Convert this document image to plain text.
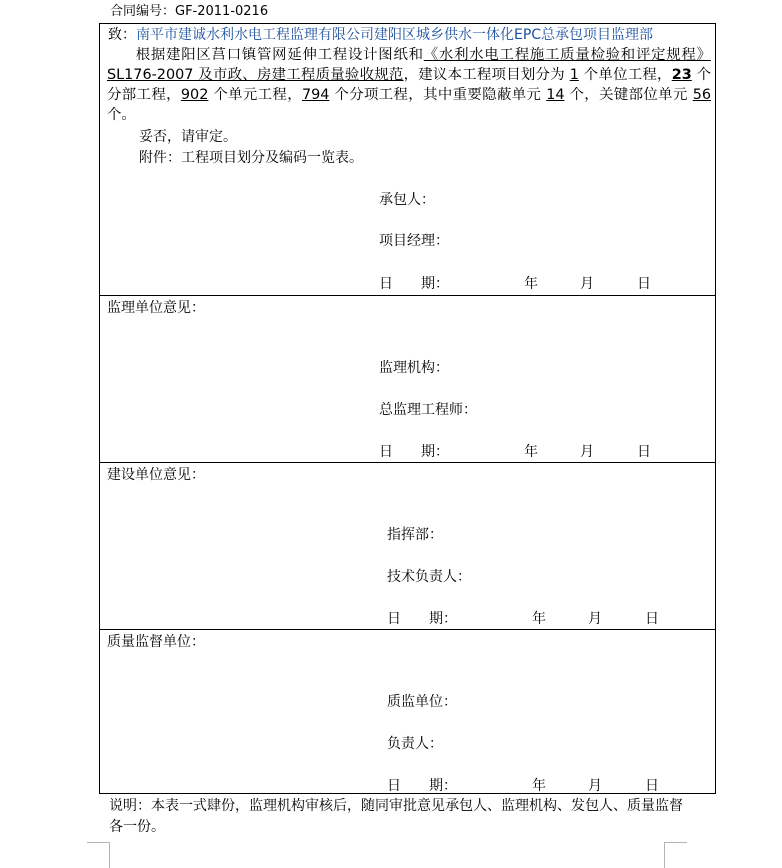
合同编号：GF-2011-0216
致：南平市建诚水利水电工程监理有限公司建阳区城乡供水一体化EPC总承包项目监理部
根据建阳区莒口镇管网延伸工程设计图纸和《水利水电工程施工质量检验和评定规程》SL176-2007 及市政、房建工程质量验收规范，建议本工程项目划分为 1 个单位工程，23 个分部工程，902 个单元工程，794 个分项工程，其中重要隐蔽单元 14 个，关键部位单元 56 个。
妥否，请审定。
附件：工程项目划分及编码一览表。
承包人：
项目经理：
日　　期：	年	月	日
监理单位意见：
监理机构：
总监理工程师：
日　　期：	年	月	日
建设单位意见：
指挥部：
技术负责人：
日　　期：	年	月	日
质量监督单位：
质监单位：
负责人：
日　　期：	年	月	日
说明：本表一式肆份，监理机构审核后，随同审批意见承包人、监理机构、发包人、质量监督各一份。
